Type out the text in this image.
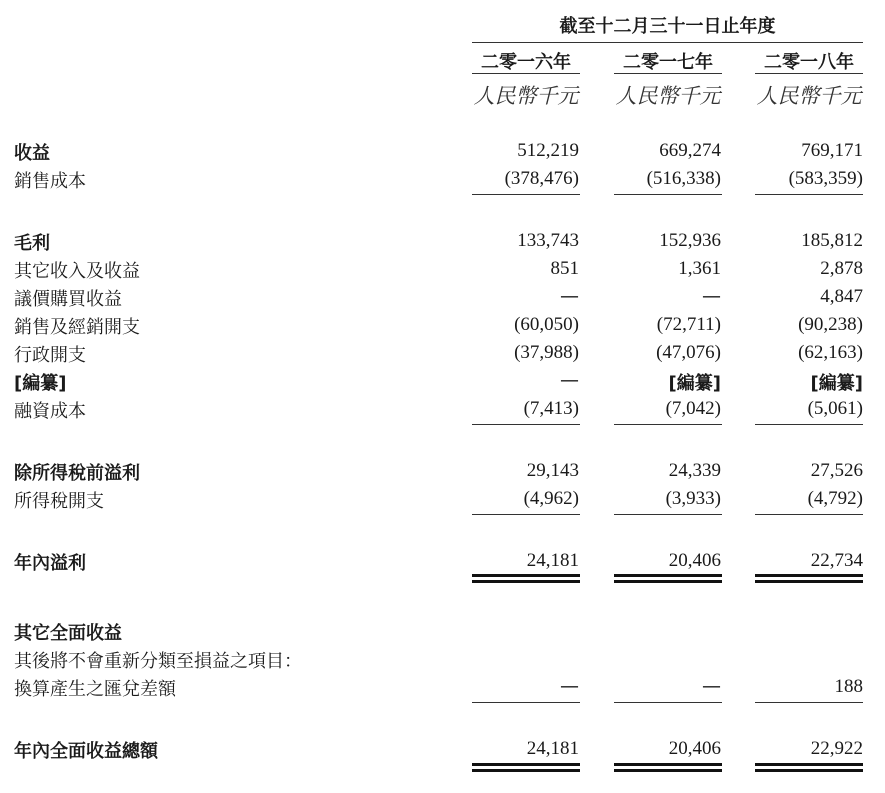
截至十二月三十一日止年度
二零一六年	二零一七年	二零一八年
人民幣千元 人民幣千元 人民幣千元
收益	512,219	669,274	769,171
銷售成本	(378,476)	(516,338)	(583,359)
毛利	133,743	152,936	185,812
其它收入及收益	851	1,361	2,878
議價購買收益	—	—	4,847
銷售及經銷開支	(60,050)	(72,711)	(90,238)
行政開支	(37,988)	(47,076)	(62,163)
[編纂]	—	[編纂]	[編纂]
融資成本	(7,413)	(7,042)	(5,061)
除所得稅前溢利	29,143	24,339	27,526
所得稅開支	(4,962)	(3,933)	(4,792)
年內溢利	24,181	20,406	22,734
其它全面收益
其後將不會重新分類至損益之項目：
換算產生之匯兌差額	—	—	188
年內全面收益總額	24,181	20,406	22,922
